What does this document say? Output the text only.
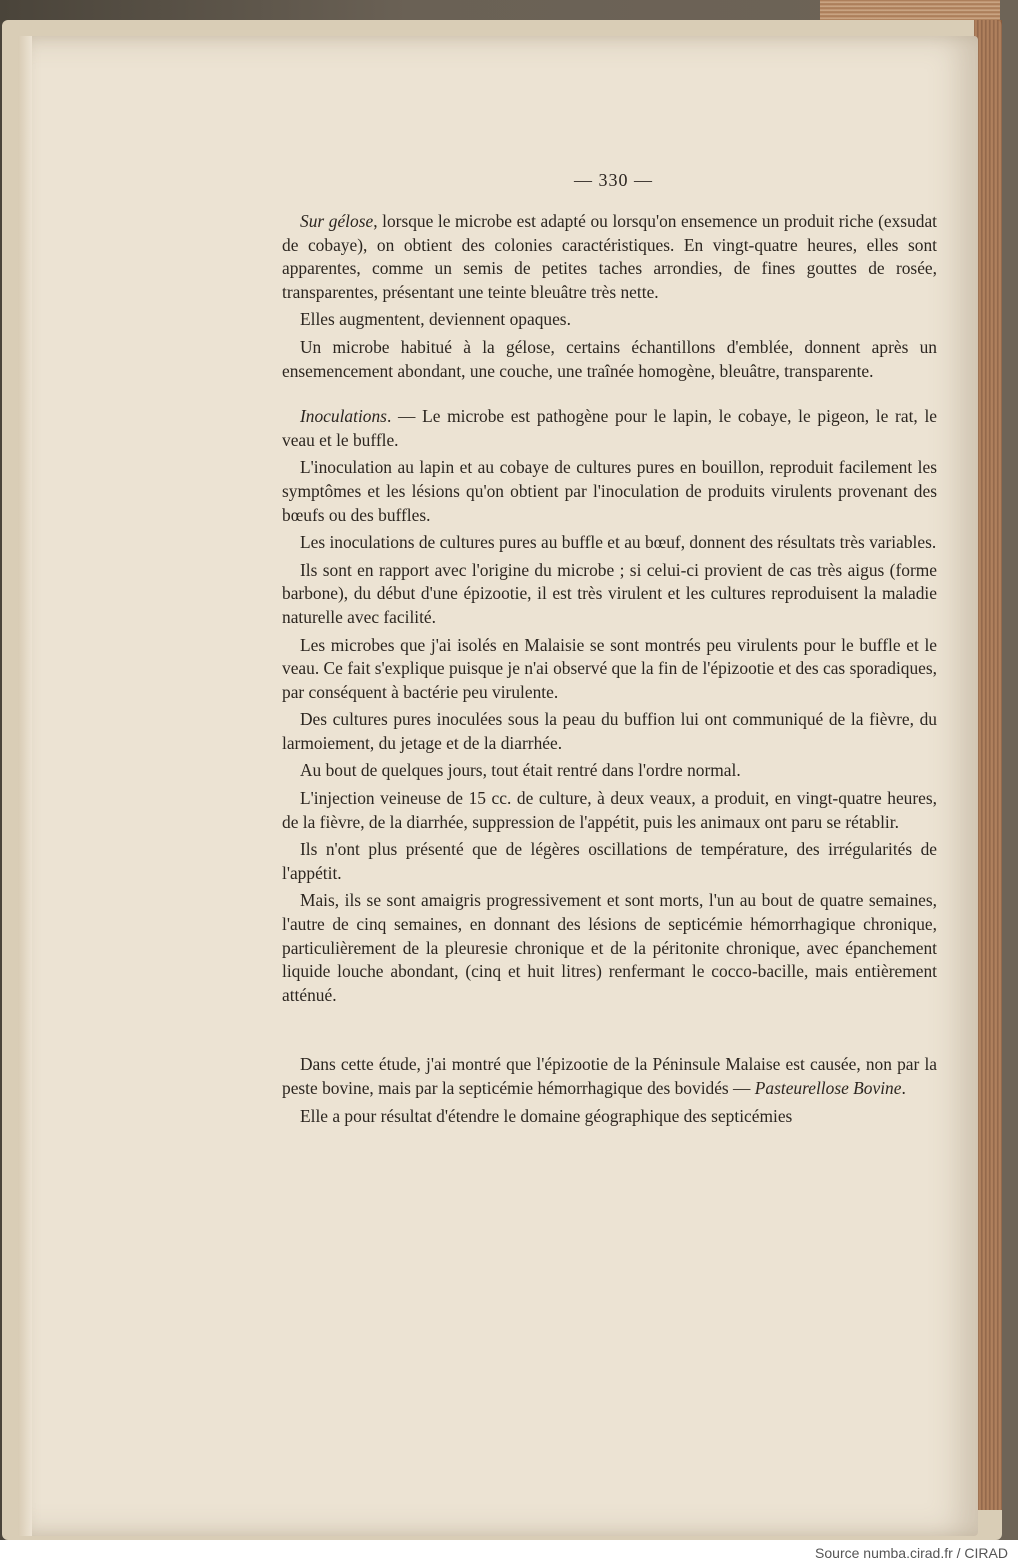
— 330 —

Sur gélose, lorsque le microbe est adapté ou lorsqu'on ensemence un produit riche (exsudat de cobaye), on obtient des colonies caractéristiques. En vingt-quatre heures, elles sont apparentes, comme un semis de petites taches arrondies, de fines gouttes de rosée, transparentes, présentant une teinte bleuâtre très nette.

Elles augmentent, deviennent opaques.

Un microbe habitué à la gélose, certains échantillons d'emblée, donnent après un ensemencement abondant, une couche, une traînée homogène, bleuâtre, transparente.

Inoculations. — Le microbe est pathogène pour le lapin, le cobaye, le pigeon, le rat, le veau et le buffle.

L'inoculation au lapin et au cobaye de cultures pures en bouillon, reproduit facilement les symptômes et les lésions qu'on obtient par l'inoculation de produits virulents provenant des bœufs ou des buffles.

Les inoculations de cultures pures au buffle et au bœuf, donnent des résultats très variables.

Ils sont en rapport avec l'origine du microbe ; si celui-ci provient de cas très aigus (forme barbone), du début d'une épizootie, il est très virulent et les cultures reproduisent la maladie naturelle avec facilité.

Les microbes que j'ai isolés en Malaisie se sont montrés peu virulents pour le buffle et le veau. Ce fait s'explique puisque je n'ai observé que la fin de l'épizootie et des cas sporadiques, par conséquent à bactérie peu virulente.

Des cultures pures inoculées sous la peau du buffion lui ont communiqué de la fièvre, du larmoiement, du jetage et de la diarrhée.

Au bout de quelques jours, tout était rentré dans l'ordre normal.

L'injection veineuse de 15 cc. de culture, à deux veaux, a produit, en vingt-quatre heures, de la fièvre, de la diarrhée, suppression de l'appétit, puis les animaux ont paru se rétablir.

Ils n'ont plus présenté que de légères oscillations de température, des irrégularités de l'appétit.

Mais, ils se sont amaigris progressivement et sont morts, l'un au bout de quatre semaines, l'autre de cinq semaines, en donnant des lésions de septicémie hémorrhagique chronique, particulièrement de la pleuresie chronique et de la péritonite chronique, avec épanchement liquide louche abondant, (cinq et huit litres) renfermant le cocco-bacille, mais entièrement atténué.

Dans cette étude, j'ai montré que l'épizootie de la Péninsule Malaise est causée, non par la peste bovine, mais par la septicémie hémorrhagique des bovidés — Pasteurellose Bovine.

Elle a pour résultat d'étendre le domaine géographique des septicémies

Source numba.cirad.fr / CIRAD
